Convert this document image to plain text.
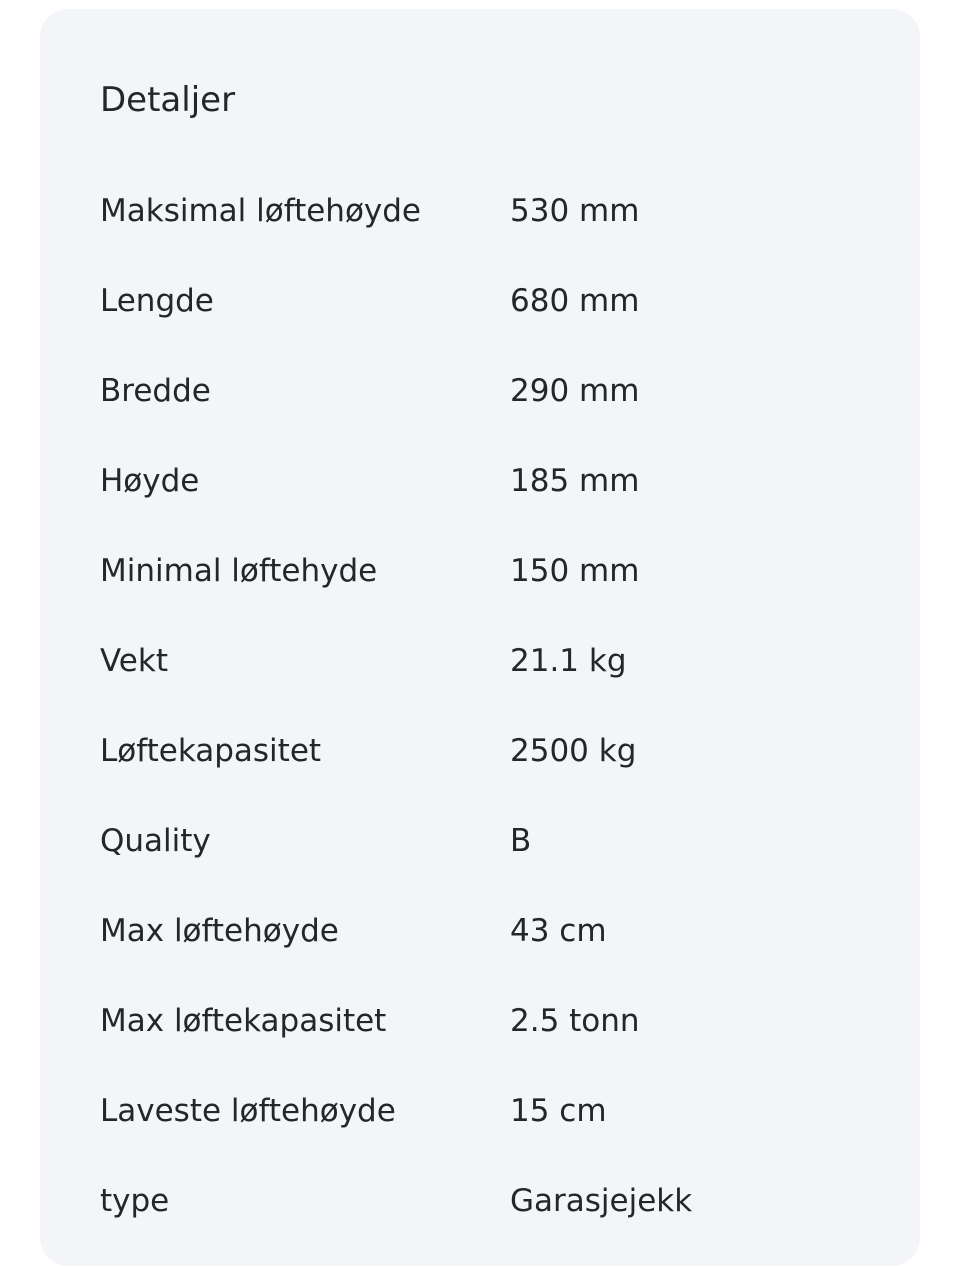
Detaljer
Maksimal løftehøyde	530 mm
Lengde	680 mm
Bredde	290 mm
Høyde	185 mm
Minimal løftehyde	150 mm
Vekt	21.1 kg
Løftekapasitet	2500 kg
Quality	B
Max løftehøyde	43 cm
Max løftekapasitet	2.5 tonn
Laveste løftehøyde	15 cm
type	Garasjejekk
